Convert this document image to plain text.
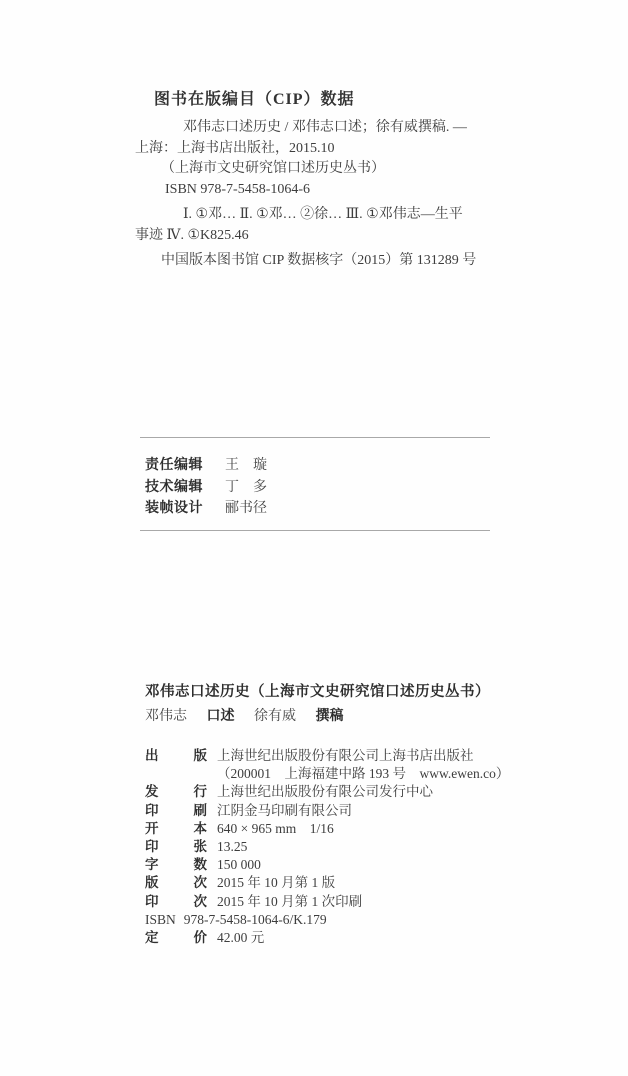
图书在版编目（CIP）数据
邓伟志口述历史 / 邓伟志口述；徐有威撰稿. —
上海：上海书店出版社，2015.10
（上海市文史研究馆口述历史丛书）
ISBN 978-7-5458-1064-6
Ⅰ. ①邓… Ⅱ. ①邓… ②徐… Ⅲ. ①邓伟志—生平
事迹 Ⅳ. ①K825.46
中国版本图书馆 CIP 数据核字（2015）第 131289 号
责任编辑 王　璇
技术编辑 丁　多
装帧设计 郦书径
邓伟志口述历史（上海市文史研究馆口述历史丛书）
邓伟志 口述 徐有威 撰稿
出	版 上海世纪出版股份有限公司上海书店出版社
（200001　上海福建中路 193 号　www.ewen.co）
发	行 上海世纪出版股份有限公司发行中心
印	刷 江阴金马印刷有限公司
开	本 640 × 965 mm　1/16
印	张 13.25
字	数 150 000
版	次 2015 年 10 月第 1 版
印	次 2015 年 10 月第 1 次印刷
ISBN 978-7-5458-1064-6/K.179
定	价 42.00 元
